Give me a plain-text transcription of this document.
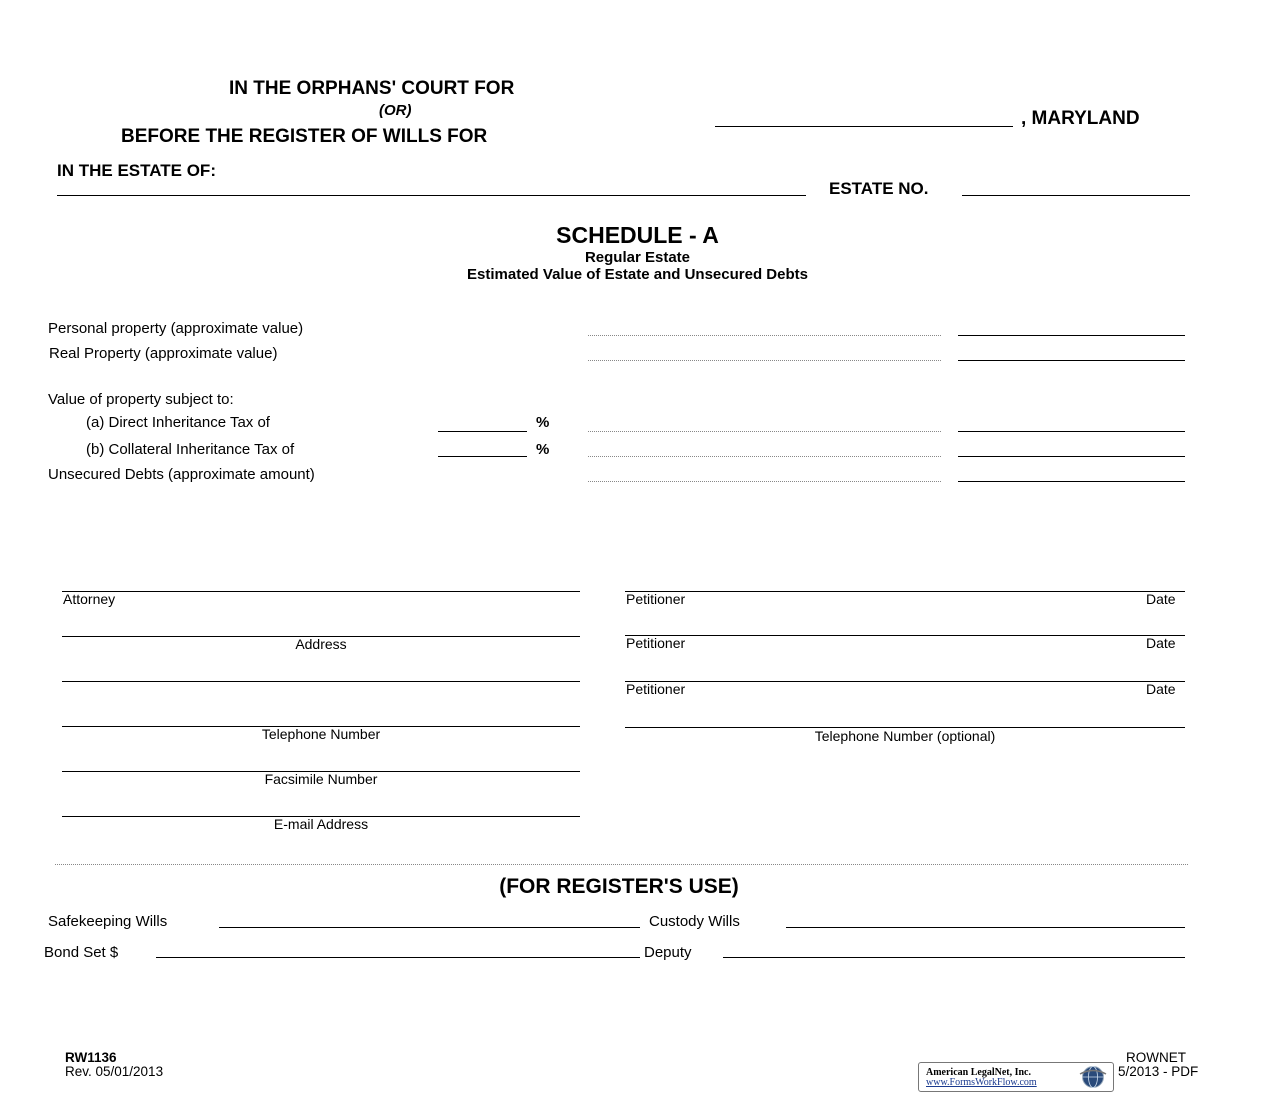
IN THE ORPHANS' COURT FOR
(OR)
BEFORE THE REGISTER OF WILLS FOR
, MARYLAND
IN THE ESTATE OF:
ESTATE NO.
SCHEDULE - A
Regular Estate
Estimated Value of Estate and Unsecured Debts
Personal property (approximate value)
Real Property (approximate value)
Value of property subject to:
(a) Direct Inheritance Tax of	%
(b) Collateral Inheritance Tax of	%
Unsecured Debts (approximate amount)
Attorney
Address
Telephone Number
Facsimile Number
E-mail Address
Petitioner	Date
Petitioner	Date
Petitioner	Date
Telephone Number (optional)
(FOR REGISTER'S USE)
Safekeeping Wills	Custody Wills
Bond Set $	Deputy
RW1136
Rev. 05/01/2013
ROWNET
5/2013 - PDF
American LegalNet, Inc.
www.FormsWorkFlow.com
